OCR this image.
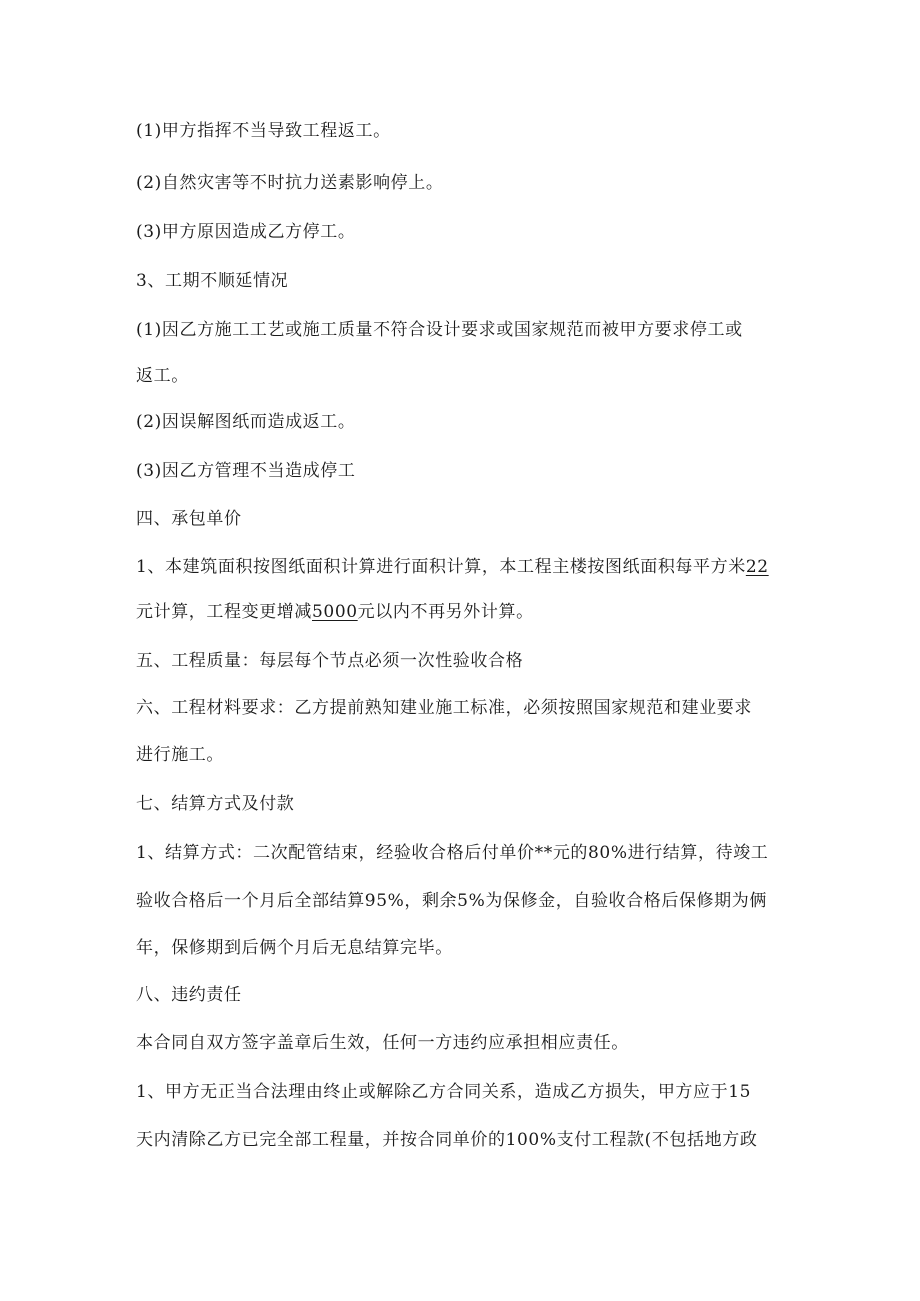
(1)甲方指挥不当导致工程返工。
(2)自然灾害等不时抗力送素影响停上。
(3)甲方原因造成乙方停工。
3、工期不顺延情况
(1)因乙方施工工艺或施工质量不符合设计要求或国家规范而被甲方要求停工或
返工。
(2)因误解图纸而造成返工。
(3)因乙方管理不当造成停工
四、承包单价
1、本建筑面积按图纸面积计算进行面积计算，本工程主楼按图纸面积每平方米22
元计算，工程变更增减5000元以内不再另外计算。
五、工程质量：每层每个节点必须一次性验收合格
六、工程材料要求：乙方提前熟知建业施工标准，必须按照国家规范和建业要求
进行施工。
七、结算方式及付款
1、结算方式：二次配管结束，经验收合格后付单价**元的80%进行结算，待竣工
验收合格后一个月后全部结算95%，剩余5%为保修金，自验收合格后保修期为俩
年，保修期到后俩个月后无息结算完毕。
八、违约责任
本合同自双方签字盖章后生效，任何一方违约应承担相应责任。
1、甲方无正当合法理由终止或解除乙方合同关系，造成乙方损失，甲方应于15
天内清除乙方已完全部工程量，并按合同单价的100%支付工程款(不包括地方政
